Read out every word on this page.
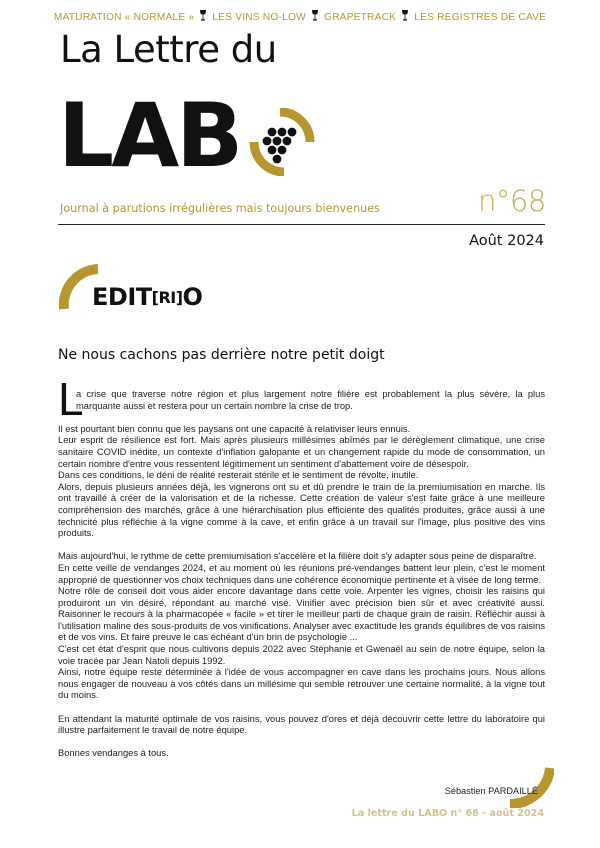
MATURATION « NORMALE » LES VINS NO-LOW GRAPETRACK LES REGISTRES DE CAVE
La Lettre du
LAB
Journal à parutions irrégulières mais toujours bienvenues	n°68
Août 2024
EDIT[RI]O
Ne nous cachons pas derrière notre petit doigt
L

a crise que traverse notre région et plus largement notre filière est probablement la plus sévère, la plus marquante aussi et restera pour un certain nombre la crise de trop.

Il est pourtant bien connu que les paysans ont une capacité à relativiser leurs ennuis.

Leur esprit de résilience est fort. Mais après plusieurs millésimes abîmés par le dérèglement climatique, une crise sanitaire COVID inédite, un contexte d'inflation galopante et un changement rapide du mode de consommation, un certain nombre d'entre vous ressentent légitimement un sentiment d'abattement voire de désespoir.

Dans ces conditions, le déni de réalité resterait stérile et le sentiment de révolte, inutile.

Alors, depuis plusieurs années déjà, les vignerons ont su et dû prendre le train de la premiumisation en marche. Ils ont travaillé à créer de la valorisation et de la richesse. Cette création de valeur s'est faite grâce à une meilleure compréhension des marchés, grâce à une hiérarchisation plus efficiente des qualités produites, grâce aussi à une technicité plus réfléchie à la vigne comme à la cave, et enfin grâce à un travail sur l'image, plus positive des vins produits.

Mais aujourd'hui, le rythme de cette premiumisation s'accélère et la filière doit s'y adapter sous peine de disparaître.

En cette veille de vendanges 2024, et au moment où les réunions pré-vendanges battent leur plein, c'est le moment approprié de questionner vos choix techniques dans une cohérence économique pertinente et à visée de long terme.

Notre rôle de conseil doit vous aider encore davantage dans cette voie. Arpenter les vignes, choisir les raisins qui produiront un vin désiré, répondant au marché visé. Vinifier avec précision bien sûr et avec créativité aussi. Raisonner le recours à la pharmacopée « facile » et tirer le meilleur parti de chaque grain de raisin. Réfléchir aussi à l'utilisation maline des sous-produits de vos vinifications. Analyser avec exactitude les grands équilibres de vos raisins et de vos vins. Et faire preuve le cas échéant d'un brin de psychologie ...

C'est cet état d'esprit que nous cultivons depuis 2022 avec Stéphanie et Gwenaël au sein de notre équipe, selon la voie tracée par Jean Natoli depuis 1992.

Ainsi, notre équipe reste déterminée à l'idée de vous accompagner en cave dans les prochains jours. Nous allons nous engager de nouveau à vos côtés dans un millésime qui semble retrouver une certaine normalité, à la vigne tout du moins.

En attendant la maturité optimale de vos raisins, vous pouvez d'ores et déjà découvrir cette lettre du laboratoire qui illustre parfaitement le travail de notre équipe.

Bonnes vendanges à tous.

Sébastien PARDAILLÉ
La lettre du LABO n° 68 - août 2024
